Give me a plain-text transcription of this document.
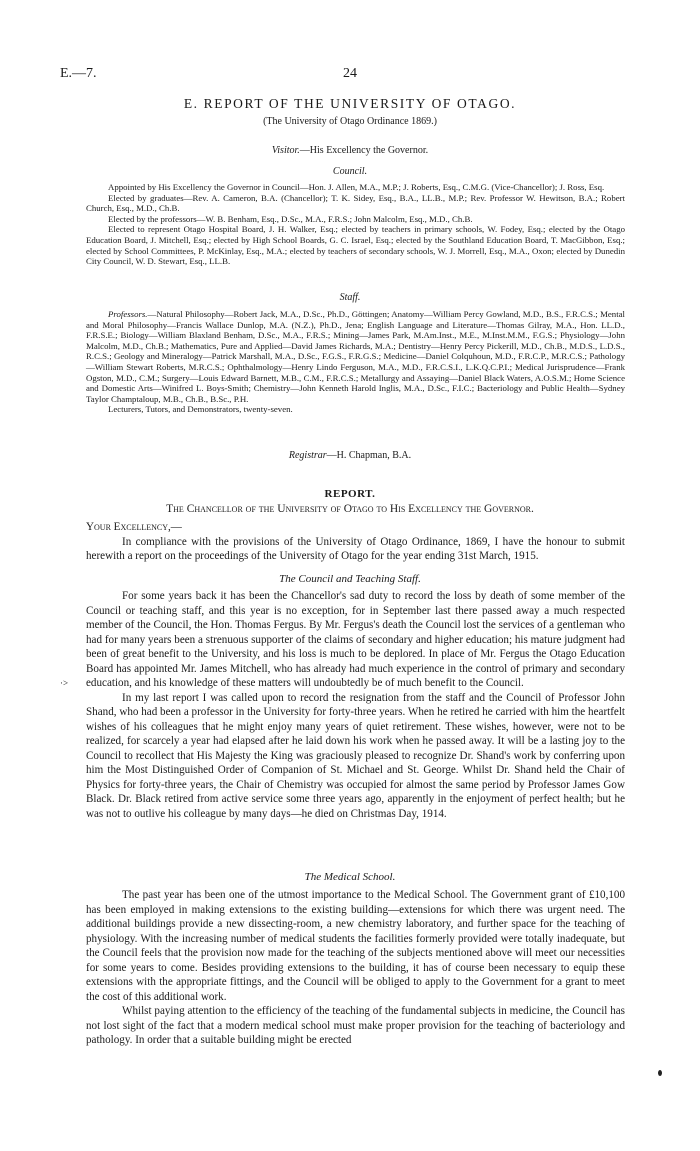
E.—7.	24
E. REPORT OF THE UNIVERSITY OF OTAGO.
(The University of Otago Ordinance 1869.)
Visitor.—His Excellency the Governor.
Council.

Appointed by His Excellency the Governor in Council—Hon. J. Allen, M.A., M.P.; J. Roberts, Esq., C.M.G. (Vice-Chancellor); J. Ross, Esq.

Elected by graduates—Rev. A. Cameron, B.A. (Chancellor); T. K. Sidey, Esq., B.A., LL.B., M.P.; Rev. Professor W. Hewitson, B.A.; Robert Church, Esq., M.D., Ch.B.

Elected by the professors—W. B. Benham, Esq., D.Sc., M.A., F.R.S.; John Malcolm, Esq., M.D., Ch.B.

Elected to represent Otago Hospital Board, J. H. Walker, Esq.; elected by teachers in primary schools, W. Fodey, Esq.; elected by the Otago Education Board, J. Mitchell, Esq.; elected by High School Boards, G. C. Israel, Esq.; elected by the Southland Education Board, T. MacGibbon, Esq.; elected by School Committees, P. McKinlay, Esq., M.A.; elected by teachers of secondary schools, W. J. Morrell, Esq., M.A., Oxon; elected by Dunedin City Council, W. D. Stewart, Esq., LL.B.

Staff.

Professors.—Natural Philosophy—Robert Jack, M.A., D.Sc., Ph.D., Göttingen; Anatomy—William Percy Gowland, M.D., B.S., F.R.C.S.; Mental and Moral Philosophy—Francis Wallace Dunlop, M.A. (N.Z.), Ph.D., Jena; English Language and Literature—Thomas Gilray, M.A., Hon. LL.D., F.R.S.E.; Biology—William Blaxland Benham, D.Sc., M.A., F.R.S.; Mining—James Park, M.Am.Inst., M.E., M.Inst.M.M., F.G.S.; Physiology—John Malcolm, M.D., Ch.B.; Mathematics, Pure and Applied—David James Richards, M.A.; Dentistry—Henry Percy Pickerill, M.D., Ch.B., M.D.S., L.D.S., R.C.S.; Geology and Mineralogy—Patrick Marshall, M.A., D.Sc., F.G.S., F.R.G.S.; Medicine—Daniel Colquhoun, M.D., F.R.C.P., M.R.C.S.; Pathology—William Stewart Roberts, M.R.C.S.; Ophthalmology—Henry Lindo Ferguson, M.A., M.D., F.R.C.S.I., L.K.Q.C.P.I.; Medical Jurisprudence—Frank Ogston, M.D., C.M.; Surgery—Louis Edward Barnett, M.B., C.M., F.R.C.S.; Metallurgy and Assaying—Daniel Black Waters, A.O.S.M.; Home Science and Domestic Arts—Winifred L. Boys-Smith; Chemistry—John Kenneth Harold Inglis, M.A., D.Sc., F.I.C.; Bacteriology and Public Health—Sydney Taylor Champtaloup, M.B., Ch.B., B.Sc., P.H.

Lecturers, Tutors, and Demonstrators, twenty-seven.

Registrar—H. Chapman, B.A.
REPORT.
The Chancellor of the University of Otago to His Excellency the Governor.

Your Excellency,—

In compliance with the provisions of the University of Otago Ordinance, 1869, I have the honour to submit herewith a report on the proceedings of the University of Otago for the year ending 31st March, 1915.

The Council and Teaching Staff.

For some years back it has been the Chancellor's sad duty to record the loss by death of some member of the Council or teaching staff, and this year is no exception, for in September last there passed away a much respected member of the Council, the Hon. Thomas Fergus. By Mr. Fergus's death the Council lost the services of a gentleman who had for many years been a strenuous supporter of the claims of secondary and higher education; his mature judgment had been of great benefit to the University, and his loss is much to be deplored. In place of Mr. Fergus the Otago Education Board has appointed Mr. James Mitchell, who has already had much experience in the control of primary and secondary education, and his knowledge of these matters will undoubtedly be of much benefit to the Council.

In my last report I was called upon to record the resignation from the staff and the Council of Professor John Shand, who had been a professor in the University for forty-three years. When he retired he carried with him the heartfelt wishes of his colleagues that he might enjoy many years of quiet retirement. These wishes, however, were not to be realized, for scarcely a year had elapsed after he laid down his work when he passed away. It will be a lasting joy to the Council to recollect that His Majesty the King was graciously pleased to recognize Dr. Shand's work by conferring upon him the Most Distinguished Order of Companion of St. Michael and St. George. Whilst Dr. Shand held the Chair of Physics for forty-three years, the Chair of Chemistry was occupied for almost the same period by Professor James Gow Black. Dr. Black retired from active service some three years ago, apparently in the enjoyment of perfect health; but he was not to outlive his colleague by many days—he died on Christmas Day, 1914.

The Medical School.

The past year has been one of the utmost importance to the Medical School. The Government grant of £10,100 has been employed in making extensions to the existing building—extensions for which there was urgent need. The additional buildings provide a new dissecting-room, a new chemistry laboratory, and further space for the teaching of physiology. With the increasing number of medical students the facilities formerly provided were totally inadequate, but the Council feels that the provision now made for the teaching of the subjects mentioned above will meet our necessities for some years to come. Besides providing extensions to the building, it has of course been necessary to equip these extensions with the appropriate fittings, and the Council will be obliged to apply to the Government for a grant to meet the cost of this additional work.

Whilst paying attention to the efficiency of the teaching of the fundamental subjects in medicine, the Council has not lost sight of the fact that a modern medical school must make proper provision for the teaching of bacteriology and pathology. In order that a suitable building might be erected

·>
